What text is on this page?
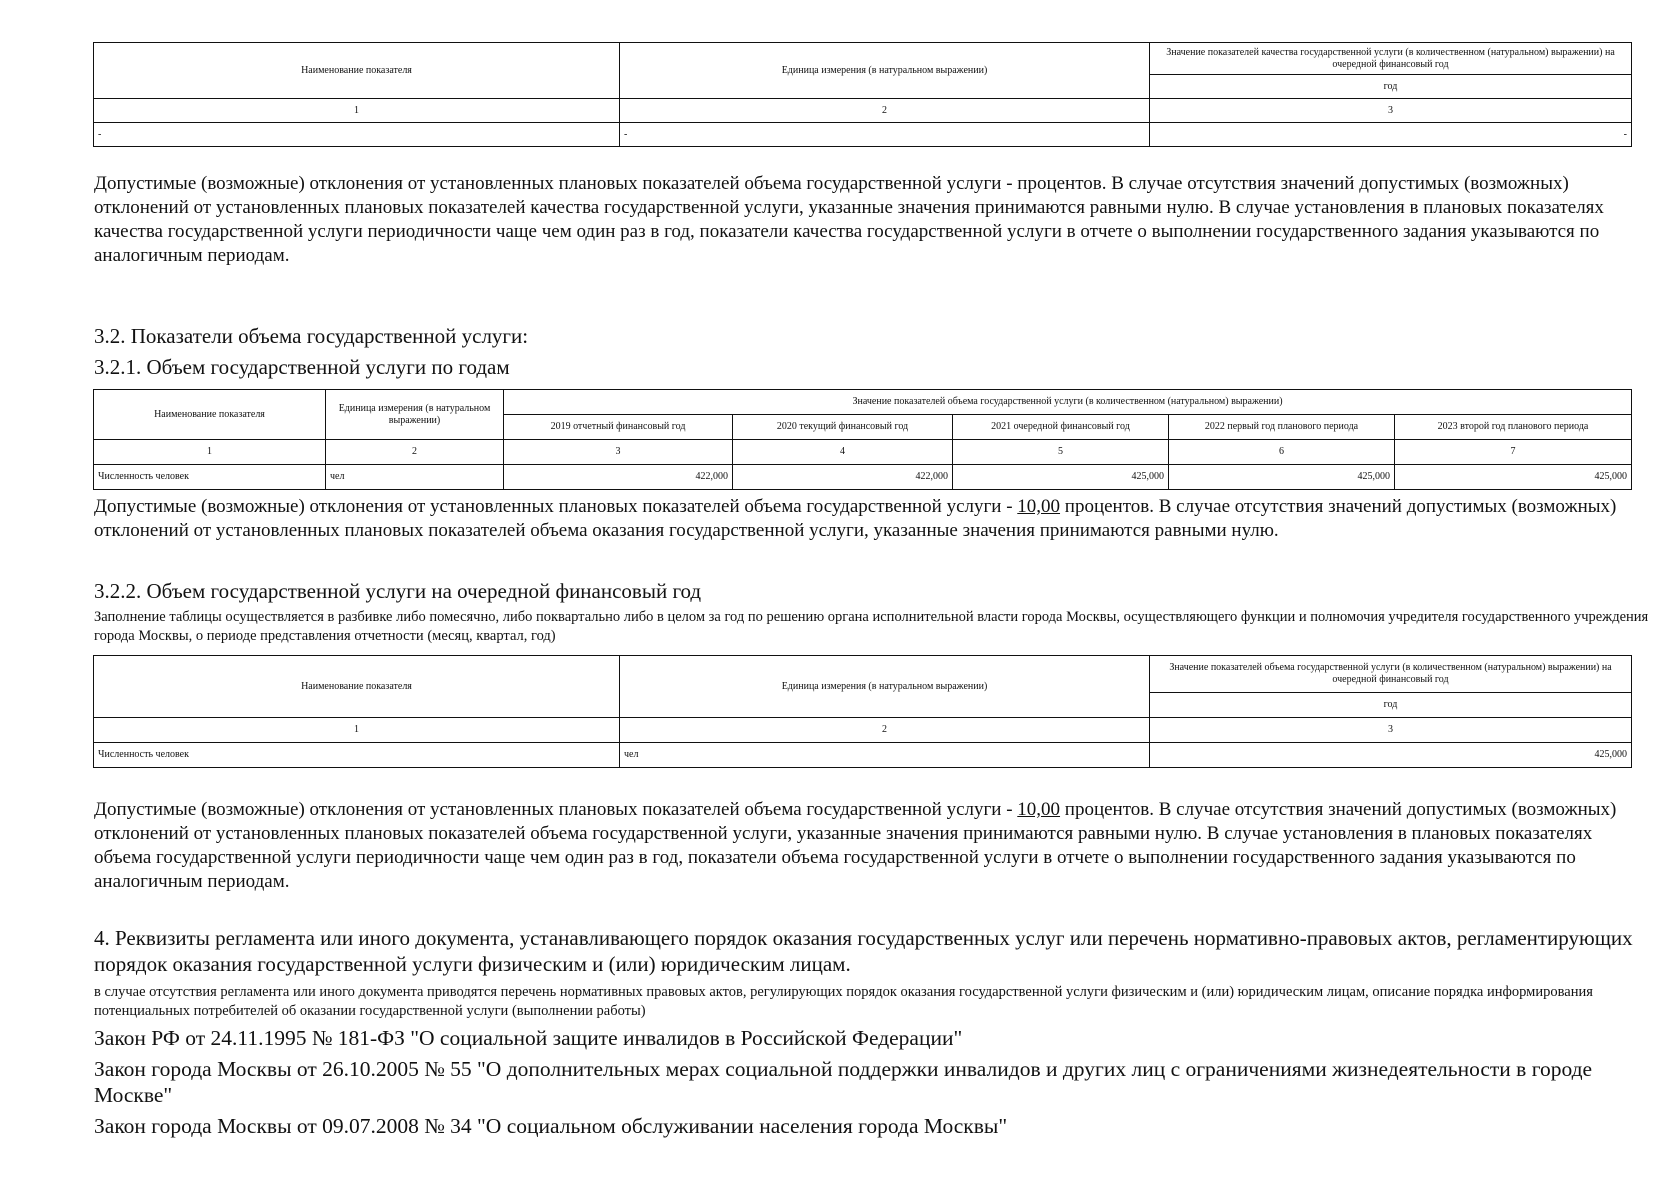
Наименование показателя	Единица измерения (в натуральном выражении)	Значение показателей качества государственной услуги (в количественном (натуральном) выражении) на очередной финансовый год
		год
1	2	3
-	-	-

Допустимые (возможные) отклонения от установленных плановых показателей объема государственной услуги - процентов. В случае отсутствия значений допустимых (возможных) отклонений от установленных плановых показателей качества государственной услуги, указанные значения принимаются равными нулю. В случае установления в плановых показателях качества государственной услуги периодичности чаще чем один раз в год, показатели качества государственной услуги в отчете о выполнении государственного задания указываются по аналогичным периодам.

3.2. Показатели объема государственной услуги:

3.2.1. Объем государственной услуги по годам

Наименование показателя	Единица измерения (в натуральном выражении)	Значение показателей объема государственной услуги (в количественном (натуральном) выражении)				
		2019 отчетный финансовый год	2020 текущий финансовый год	2021 очередной финансовый год	2022 первый год планового периода	2023 второй год планового периода
1	2	3	4	5	6	7
Численность человек	чел	422,000	422,000	425,000	425,000	425,000

Допустимые (возможные) отклонения от установленных плановых показателей объема государственной услуги - 10,00 процентов. В случае отсутствия значений допустимых (возможных) отклонений от установленных плановых показателей объема оказания государственной услуги, указанные значения принимаются равными нулю.

3.2.2. Объем государственной услуги на очередной финансовый год

Заполнение таблицы осуществляется в разбивке либо помесячно, либо поквартально либо в целом за год по решению органа исполнительной власти города Москвы, осуществляющего функции и полномочия учредителя государственного учреждения города Москвы, о периоде представления отчетности (месяц, квартал, год)

Наименование показателя	Единица измерения (в натуральном выражении)	Значение показателей объема государственной услуги (в количественном (натуральном) выражении) на очередной финансовый год
		год
1	2	3
Численность человек	чел	425,000

Допустимые (возможные) отклонения от установленных плановых показателей объема государственной услуги - 10,00 процентов. В случае отсутствия значений допустимых (возможных) отклонений от установленных плановых показателей объема государственной услуги, указанные значения принимаются равными нулю. В случае установления в плановых показателях объема государственной услуги периодичности чаще чем один раз в год, показатели объема государственной услуги в отчете о выполнении государственного задания указываются по аналогичным периодам.

4. Реквизиты регламента или иного документа, устанавливающего порядок оказания государственных услуг или перечень нормативно-правовых актов, регламентирующих порядок оказания государственной услуги физическим и (или) юридическим лицам.

в случае отсутствия регламента или иного документа приводятся перечень нормативных правовых актов, регулирующих порядок оказания государственной услуги физическим и (или) юридическим лицам, описание порядка информирования потенциальных потребителей об оказании государственной услуги (выполнении работы)

Закон РФ от 24.11.1995 № 181-ФЗ "О социальной защите инвалидов в Российской Федерации"

Закон города Москвы от 26.10.2005 № 55 "О дополнительных мерах социальной поддержки инвалидов и других лиц с ограничениями жизнедеятельности в городе Москве"

Закон города Москвы от 09.07.2008 № 34 "О социальном обслуживании населения города Москвы"
